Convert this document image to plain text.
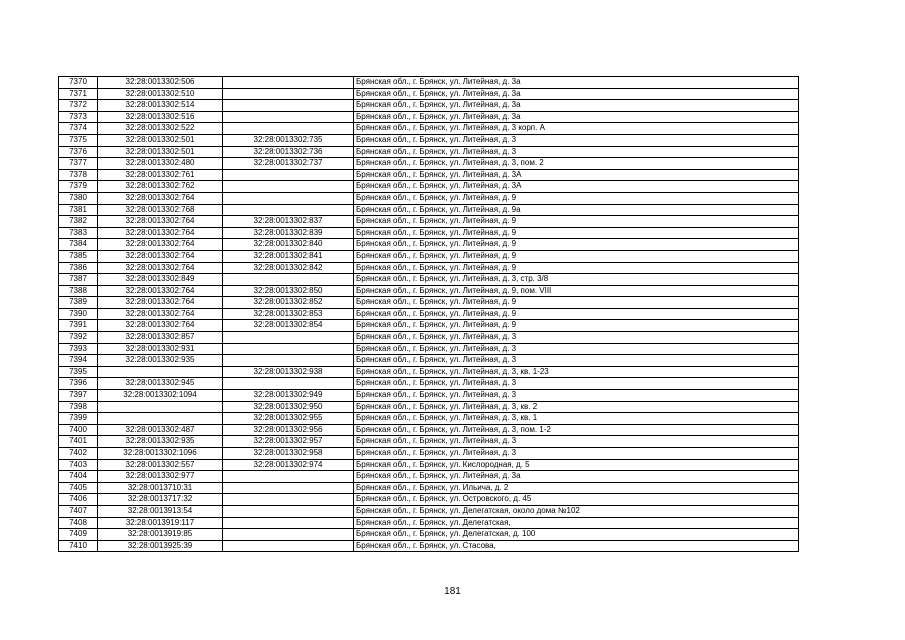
7370	32:28:0013302:506		Брянская обл., г. Брянск, ул. Литейная, д. 3а
7371	32:28:0013302:510		Брянская обл., г. Брянск, ул. Литейная, д. 3а
7372	32:28:0013302:514		Брянская обл., г. Брянск, ул. Литейная, д. 3а
7373	32:28:0013302:516		Брянская обл., г. Брянск, ул. Литейная, д. 3а
7374	32:28:0013302:522		Брянская обл., г. Брянск, ул. Литейная, д. 3 корп. А
7375	32:28:0013302:501	32:28:0013302:735	Брянская обл., г. Брянск, ул. Литейная, д. 3
7376	32:28:0013302:501	32:28:0013302:736	Брянская обл., г. Брянск, ул. Литейная, д. 3
7377	32:28:0013302:480	32:28:0013302:737	Брянская обл., г. Брянск, ул. Литейная, д. 3, пом. 2
7378	32:28:0013302:761		Брянская обл., г. Брянск, ул. Литейная, д. 3А
7379	32:28:0013302:762		Брянская обл., г. Брянск, ул. Литейная, д. 3А
7380	32:28:0013302:764		Брянская обл., г. Брянск, ул. Литейная, д. 9
7381	32:28:0013302:768		Брянская обл., г. Брянск, ул. Литейная, д. 9а
7382	32:28:0013302:764	32:28:0013302:837	Брянская обл., г. Брянск, ул. Литейная, д. 9
7383	32:28:0013302:764	32:28:0013302:839	Брянская обл., г. Брянск, ул. Литейная, д. 9
7384	32:28:0013302:764	32:28:0013302:840	Брянская обл., г. Брянск, ул. Литейная, д. 9
7385	32:28:0013302:764	32:28:0013302:841	Брянская обл., г. Брянск, ул. Литейная, д. 9
7386	32:28:0013302:764	32:28:0013302:842	Брянская обл., г. Брянск, ул. Литейная, д. 9
7387	32:28:0013302:849		Брянская обл., г. Брянск, ул. Литейная, д. 3, стр. 3/8
7388	32:28:0013302:764	32:28:0013302:850	Брянская обл., г. Брянск, ул. Литейная, д. 9, пом. VIII
7389	32:28:0013302:764	32:28:0013302:852	Брянская обл., г. Брянск, ул. Литейная, д. 9
7390	32:28:0013302:764	32:28:0013302:853	Брянская обл., г. Брянск, ул. Литейная, д. 9
7391	32:28:0013302:764	32:28:0013302:854	Брянская обл., г. Брянск, ул. Литейная, д. 9
7392	32:28:0013302:857		Брянская обл., г. Брянск, ул. Литейная, д. 3
7393	32:28:0013302:931		Брянская обл., г. Брянск, ул. Литейная, д. 3
7394	32:28:0013302:935		Брянская обл., г. Брянск, ул. Литейная, д. 3
7395		32:28:0013302:938	Брянская обл., г. Брянск, ул. Литейная, д. 3, кв. 1-23
7396	32:28:0013302:945		Брянская обл., г. Брянск, ул. Литейная, д. 3
7397	32:28:0013302:1094	32:28:0013302:949	Брянская обл., г. Брянск, ул. Литейная, д. 3
7398		32:28:0013302:950	Брянская обл., г. Брянск, ул. Литейная, д. 3, кв. 2
7399		32:28:0013302:955	Брянская обл., г. Брянск, ул. Литейная, д. 3, кв. 1
7400	32:28:0013302:487	32:28:0013302:956	Брянская обл., г. Брянск, ул. Литейная, д. 3, пом. 1-2
7401	32:28:0013302:935	32:28:0013302:957	Брянская обл., г. Брянск, ул. Литейная, д. 3
7402	32:28:0013302:1096	32:28:0013302:958	Брянская обл., г. Брянск, ул. Литейная, д. 3
7403	32:28:0013302:557	32:28:0013302:974	Брянская обл., г. Брянск, ул. Кислородная, д. 5
7404	32:28:0013302:977		Брянская обл., г. Брянск, ул. Литейная, д. 3а
7405	32:28:0013710:31		Брянская обл., г. Брянск, ул. Ильича, д. 2
7406	32:28:0013717:32		Брянская обл., г. Брянск, ул. Островского, д. 45
7407	32:28:0013913:54		Брянская обл., г. Брянск, ул. Делегатская, около дома №102
7408	32:28:0013919:117		Брянская обл., г. Брянск, ул. Делегатская,
7409	32:28:0013919:85		Брянская обл., г. Брянск, ул. Делегатская, д. 100
7410	32:28:0013925:39		Брянская обл., г. Брянск, ул. Стасова,
181
